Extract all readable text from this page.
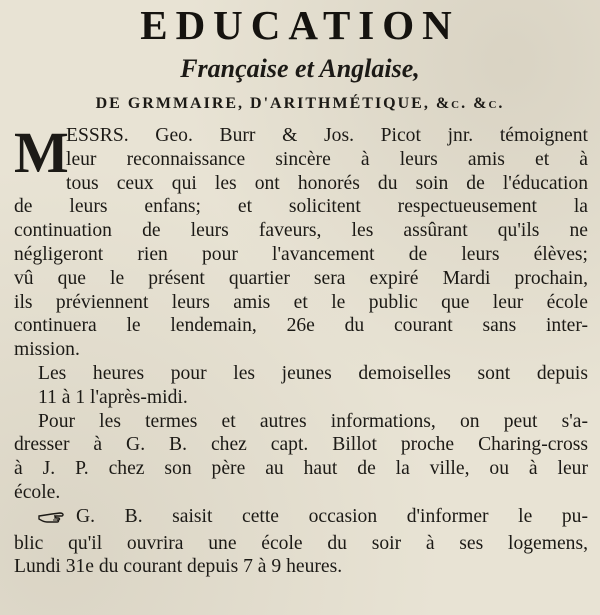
EDUCATION
Française et Anglaise,
DE GRMMAIRE, D'ARITHMÉTIQUE, &c. &c.
M
ESSRS. Geo. Burr & Jos. Picot jnr. témoignent
leur reconnaissance sincère à leurs amis et à
tous ceux qui les ont honorés du soin de l'éducation
de leurs enfans; et solicitent respectueusement la
continuation de leurs faveurs, les assûrant qu'ils ne
négligeront rien pour l'avancement de leurs élèves;
vû que le présent quartier sera expiré Mardi prochain,
ils préviennent leurs amis et le public que leur école
continuera le lendemain, 26e du courant sans inter-
mission.
Les heures pour les jeunes demoiselles sont depuis
11 à 1 l'après-midi.
Pour les termes et autres informations, on peut s'a-
dresser à G. B. chez capt. Billot proche Charing-cross
à J. P. chez son père au haut de la ville, ou à leur
école.
G. B. saisit cette occasion d'informer le pu-
blic qu'il ouvrira une école du soir à ses logemens,
Lundi 31e du courant depuis 7 à 9 heures.
